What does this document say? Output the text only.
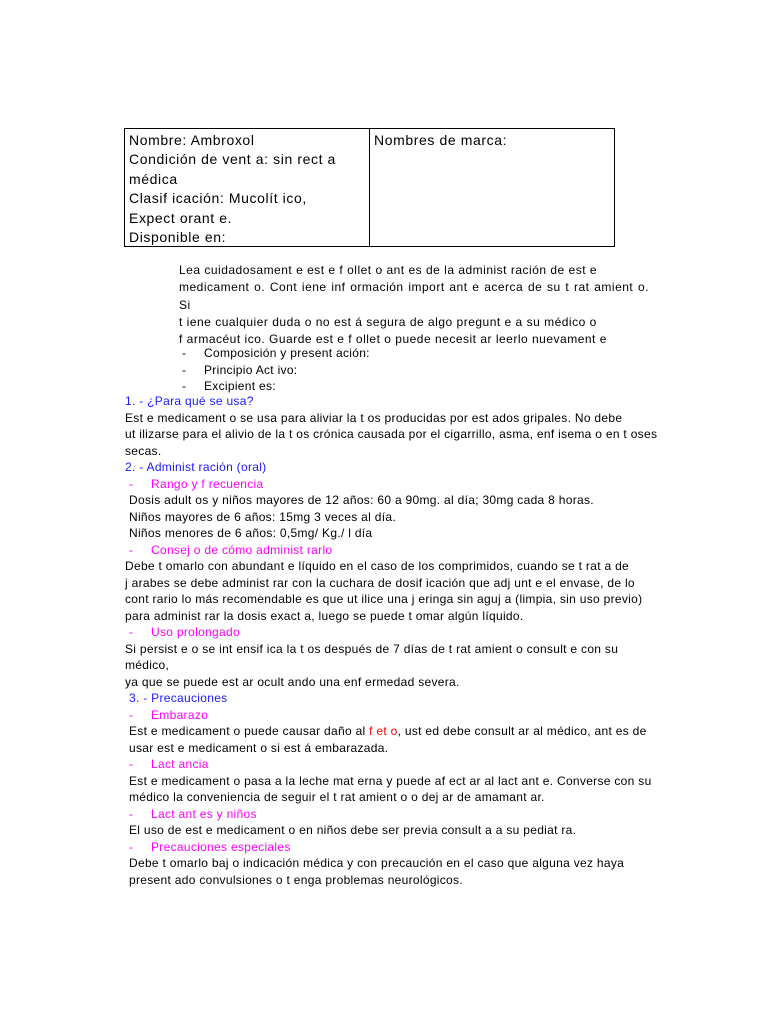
Nombre: Ambroxol
Condición de vent a: sin rect a
médica
Clasif icación: Mucolít ico,
Expect orant e.
Disponible en:
Nombres de marca:
Lea cuidadosament e est e f ollet o ant es de la administ ración de est e
medicament o. Cont iene inf ormación import ant e acerca de su t rat amient o. Si
t iene cualquier duda o no est á segura de algo pregunt e a su médico o
f armacéut ico. Guarde est e f ollet o puede necesit ar leerlo nuevament e
-	Composición y present ación:
-	Principio Act ivo:
-	Excipient es:
1. - ¿Para qué se usa?
Est e medicament o se usa para aliviar la t os producidas por est ados gripales. No debe
ut ilizarse para el alivio de la t os crónica causada por el cigarrillo, asma, enf isema o en t oses
secas.
2. - Administ ración (oral)
-	Rango y f recuencia
Dosis adult os y niños mayores de 12 años: 60 a 90mg. al día; 30mg cada 8 horas.
Niños mayores de 6 años: 15mg 3 veces al día.
Niños menores de 6 años: 0,5mg/ Kg./ l día
-	Consej o de cómo administ rarlo
Debe t omarlo con abundant e líquido en el caso de los comprimidos, cuando se t rat a de
j arabes se debe administ rar con la cuchara de dosif icación que adj unt e el envase, de lo
cont rario lo más recomendable es que ut ilice una j eringa sin aguj a (limpia, sin uso previo)
para administ rar la dosis exact a, luego se puede t omar algún líquido.
-	Uso prolongado
Si persist e o se int ensif ica la t os después de 7 días de t rat amient o consult e con su médico,
ya que se puede est ar ocult ando una enf ermedad severa.
3. - Precauciones
-	Embarazo
Est e medicament o puede causar daño al f et o, ust ed debe consult ar al médico, ant es de
usar est e medicament o si est á embarazada.
-	Lact ancia
Est e medicament o pasa a la leche mat erna y puede af ect ar al lact ant e. Converse con su
médico la conveniencia de seguir el t rat amient o o dej ar de amamant ar.
-	Lact ant es y niños
El uso de est e medicament o en niños debe ser previa consult a a su pediat ra.
-	Precauciones especiales
Debe t omarlo baj o indicación médica y con precaución en el caso que alguna vez haya
present ado convulsiones o t enga problemas neurológicos.
